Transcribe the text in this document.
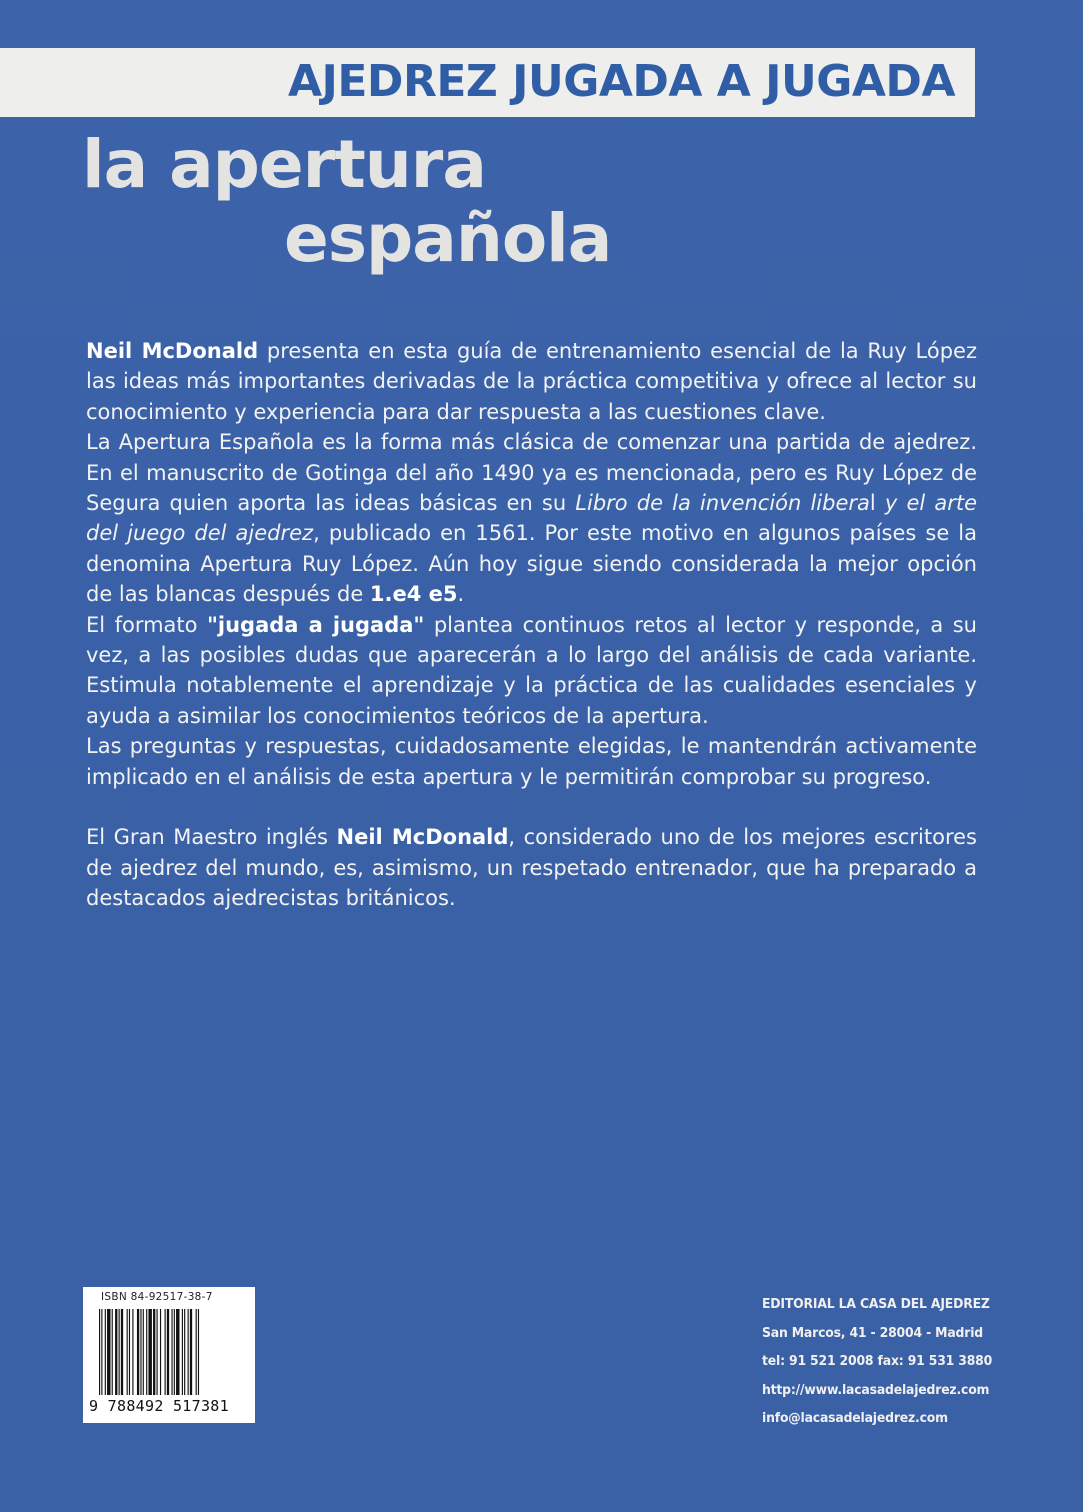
AJEDREZ JUGADA A JUGADA
la apertura
española

Neil McDonald presenta en esta guía de entrenamiento esencial de la Ruy López las ideas más importantes derivadas de la práctica competitiva y ofrece al lector su conocimiento y experiencia para dar respuesta a las cuestiones clave.

La Apertura Española es la forma más clásica de comenzar una partida de ajedrez. En el manuscrito de Gotinga del año 1490 ya es mencionada, pero es Ruy López de Segura quien aporta las ideas básicas en su Libro de la invención liberal y el arte del juego del ajedrez, publicado en 1561. Por este motivo en algunos países se la denomina Apertura Ruy López. Aún hoy sigue siendo considerada la mejor opción de las blancas después de 1.e4 e5.

El formato "jugada a jugada" plantea continuos retos al lector y responde, a su vez, a las posibles dudas que aparecerán a lo largo del análisis de cada variante. Estimula notablemente el aprendizaje y la práctica de las cualidades esenciales y ayuda a asimilar los conocimientos teóricos de la apertura.

Las preguntas y respuestas, cuidadosamente elegidas, le mantendrán activamente implicado en el análisis de esta apertura y le permitirán comprobar su progreso.

El Gran Maestro inglés Neil McDonald, considerado uno de los mejores escritores de ajedrez del mundo, es, asimismo, un respetado entrenador, que ha preparado a destacados ajedrecistas británicos.

ISBN 84-92517-38-7
9 788492 517381
EDITORIAL LA CASA DEL AJEDREZ
San Marcos, 41 - 28004 - Madrid
tel: 91 521 2008 fax: 91 531 3880
http://www.lacasadelajedrez.com
info@lacasadelajedrez.com
